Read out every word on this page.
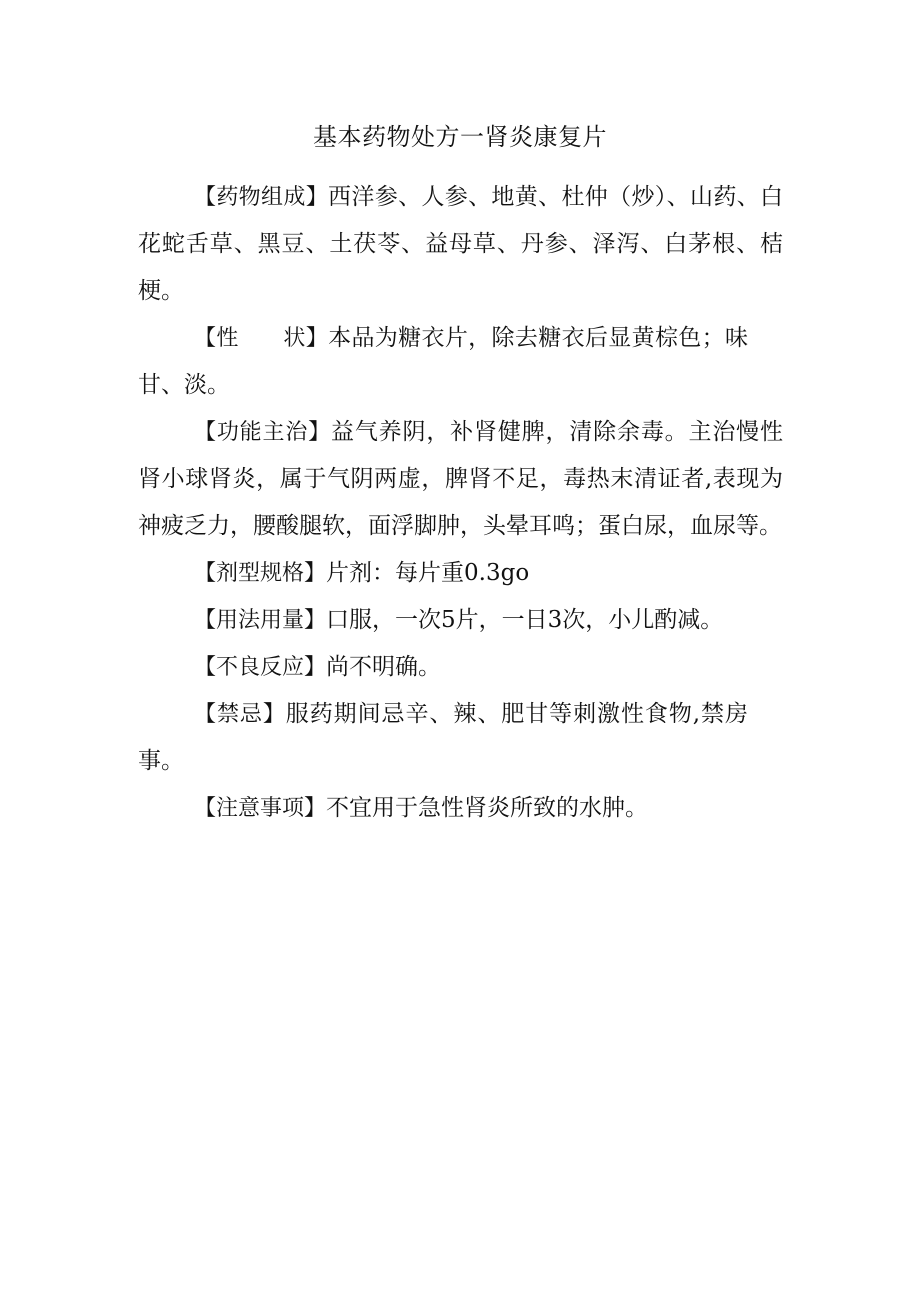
基本药物处方一肾炎康复片

【药物组成】西洋参、人参、地黄、杜仲（炒）、山药、白花蛇舌草、黑豆、土茯苓、益母草、丹参、泽泻、白茅根、桔梗。

【性　　状】本品为糖衣片，除去糖衣后显黄棕色；味甘、淡。

【功能主治】益气养阴，补肾健脾，清除余毒。主治慢性肾小球肾炎，属于气阴两虚，脾肾不足，毒热末清证者,表现为神疲乏力，腰酸腿软，面浮脚肿，头晕耳鸣；蛋白尿，血尿等。

【剂型规格】片剂：每片重0.3go

【用法用量】口服，一次5片，一日3次，小儿酌减。

【不良反应】尚不明确。

【禁忌】服药期间忌辛、辣、肥甘等刺激性食物,禁房事。

【注意事项】不宜用于急性肾炎所致的水肿。
